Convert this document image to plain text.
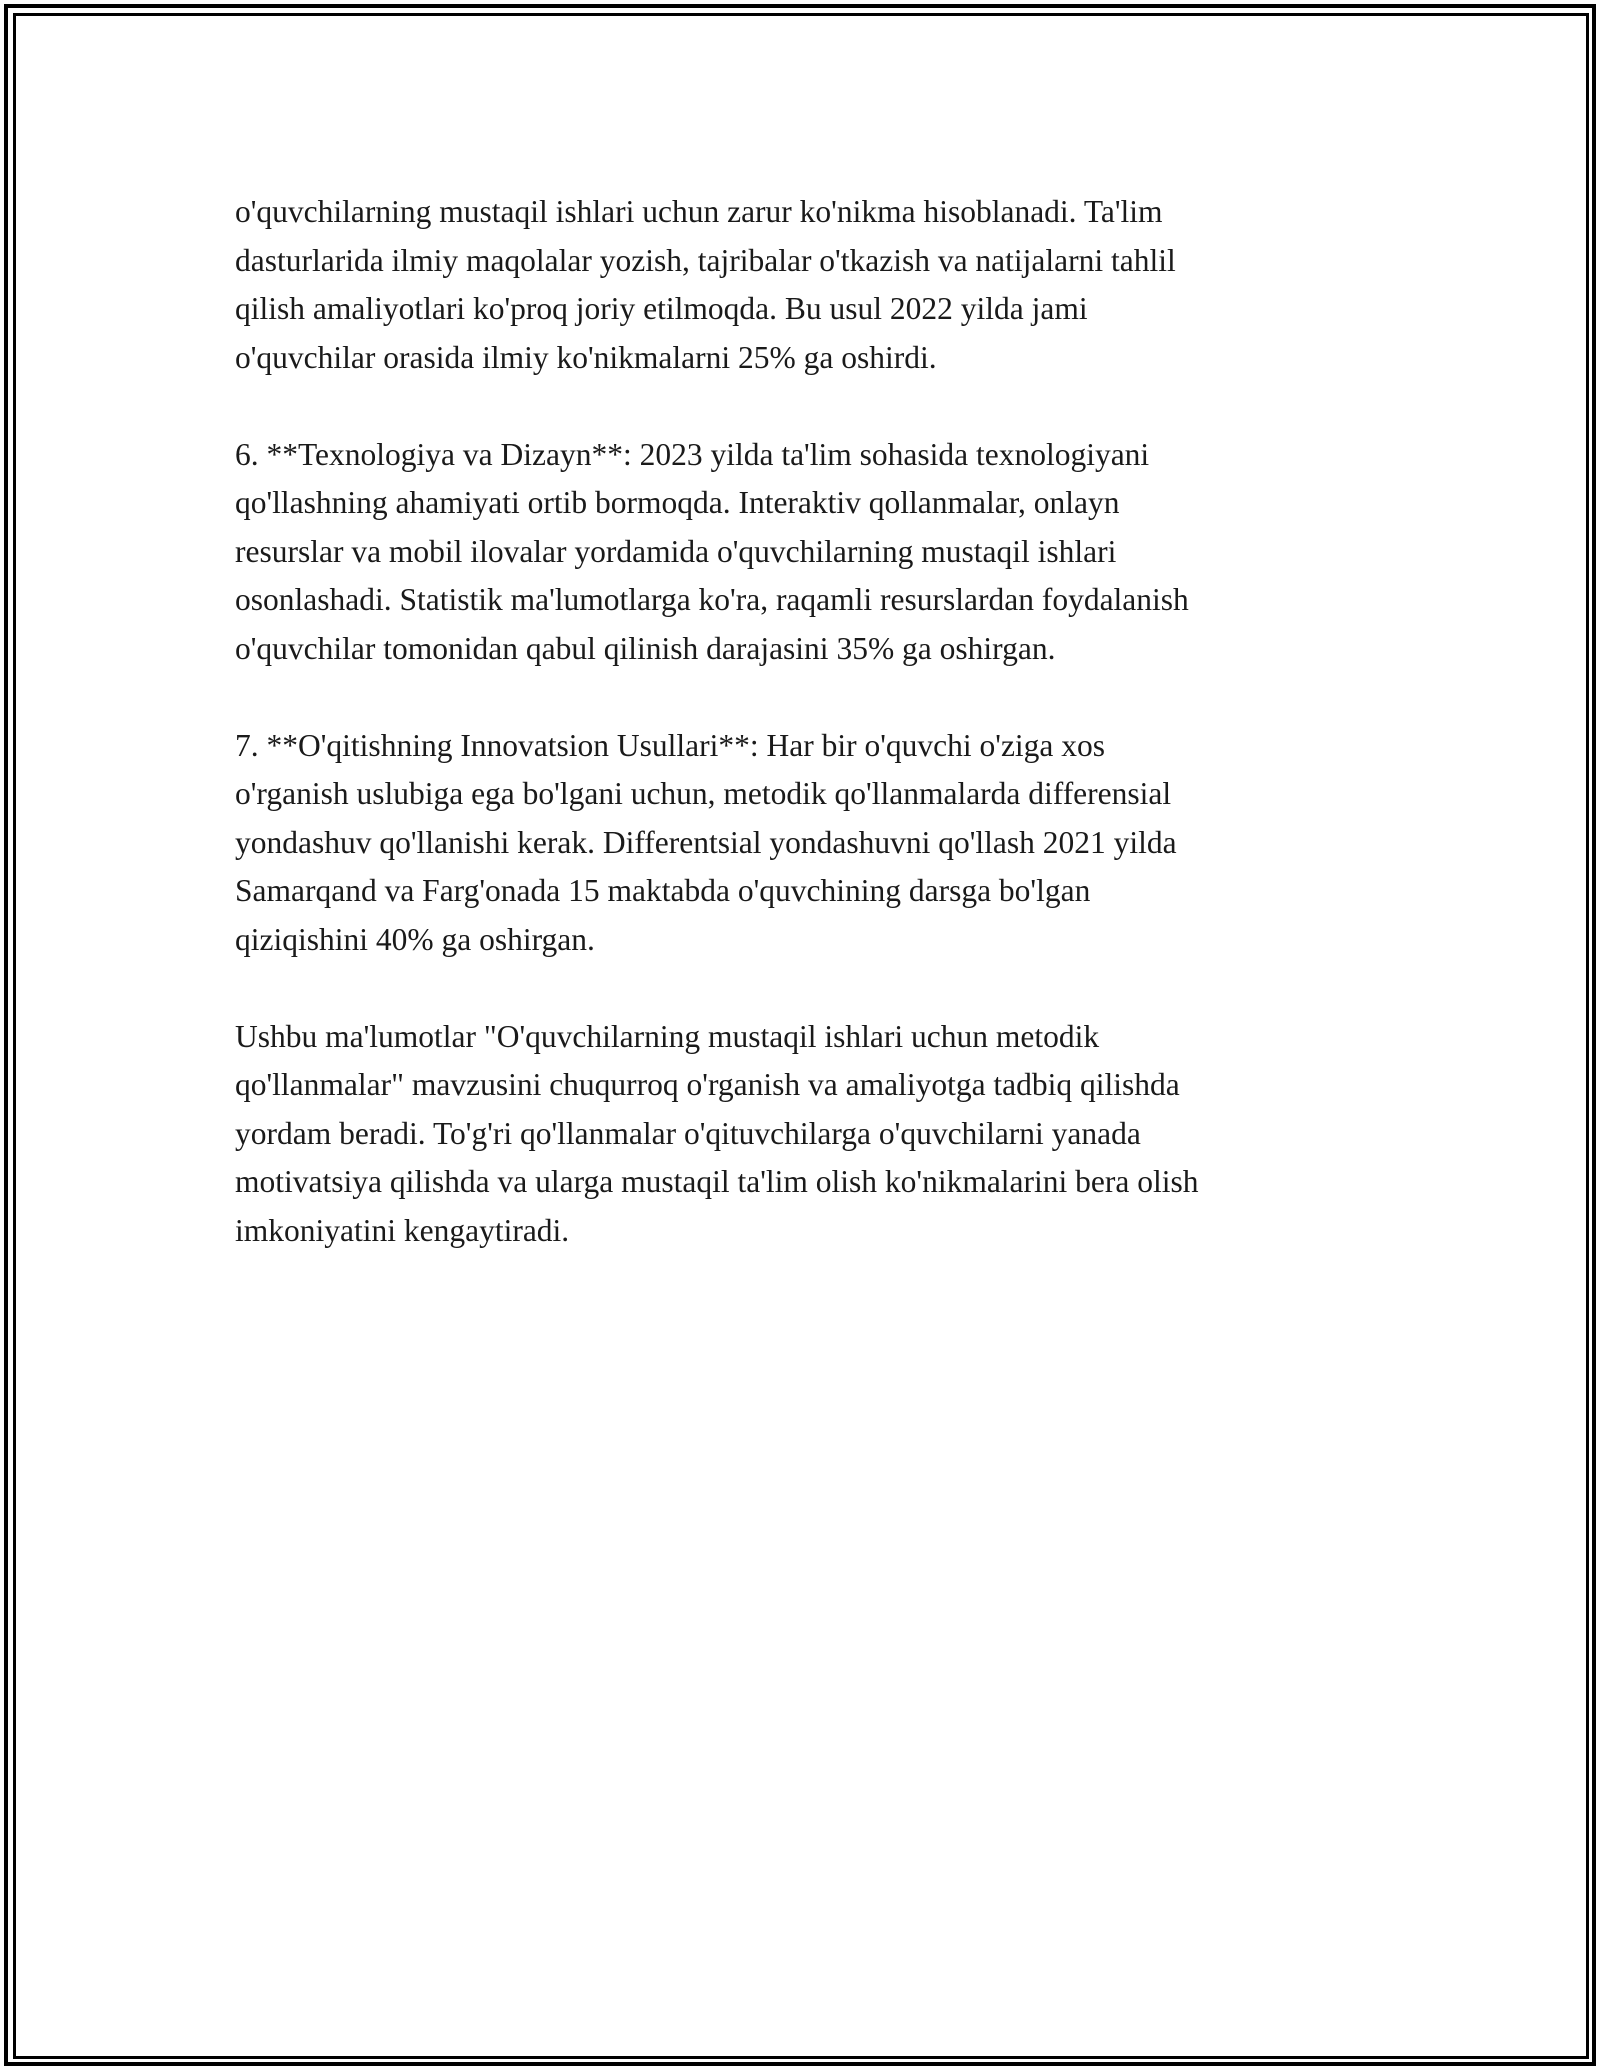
o'quvchilarning mustaqil ishlari uchun zarur ko'nikma hisoblanadi. Ta'lim
dasturlarida ilmiy maqolalar yozish, tajribalar o'tkazish va natijalarni tahlil
qilish amaliyotlari ko'proq joriy etilmoqda. Bu usul 2022 yilda jami
o'quvchilar orasida ilmiy ko'nikmalarni 25% ga oshirdi.

6. **Texnologiya va Dizayn**: 2023 yilda ta'lim sohasida texnologiyani
qo'llashning ahamiyati ortib bormoqda. Interaktiv qollanmalar, onlayn
resurslar va mobil ilovalar yordamida o'quvchilarning mustaqil ishlari
osonlashadi. Statistik ma'lumotlarga ko'ra, raqamli resurslardan foydalanish
o'quvchilar tomonidan qabul qilinish darajasini 35% ga oshirgan.

7. **O'qitishning Innovatsion Usullari**: Har bir o'quvchi o'ziga xos
o'rganish uslubiga ega bo'lgani uchun, metodik qo'llanmalarda differensial
yondashuv qo'llanishi kerak. Differentsial yondashuvni qo'llash 2021 yilda
Samarqand va Farg'onada 15 maktabda o'quvchining darsga bo'lgan
qiziqishini 40% ga oshirgan.

Ushbu ma'lumotlar "O'quvchilarning mustaqil ishlari uchun metodik
qo'llanmalar" mavzusini chuqurroq o'rganish va amaliyotga tadbiq qilishda
yordam beradi. To'g'ri qo'llanmalar o'qituvchilarga o'quvchilarni yanada
motivatsiya qilishda va ularga mustaqil ta'lim olish ko'nikmalarini bera olish
imkoniyatini kengaytiradi.
